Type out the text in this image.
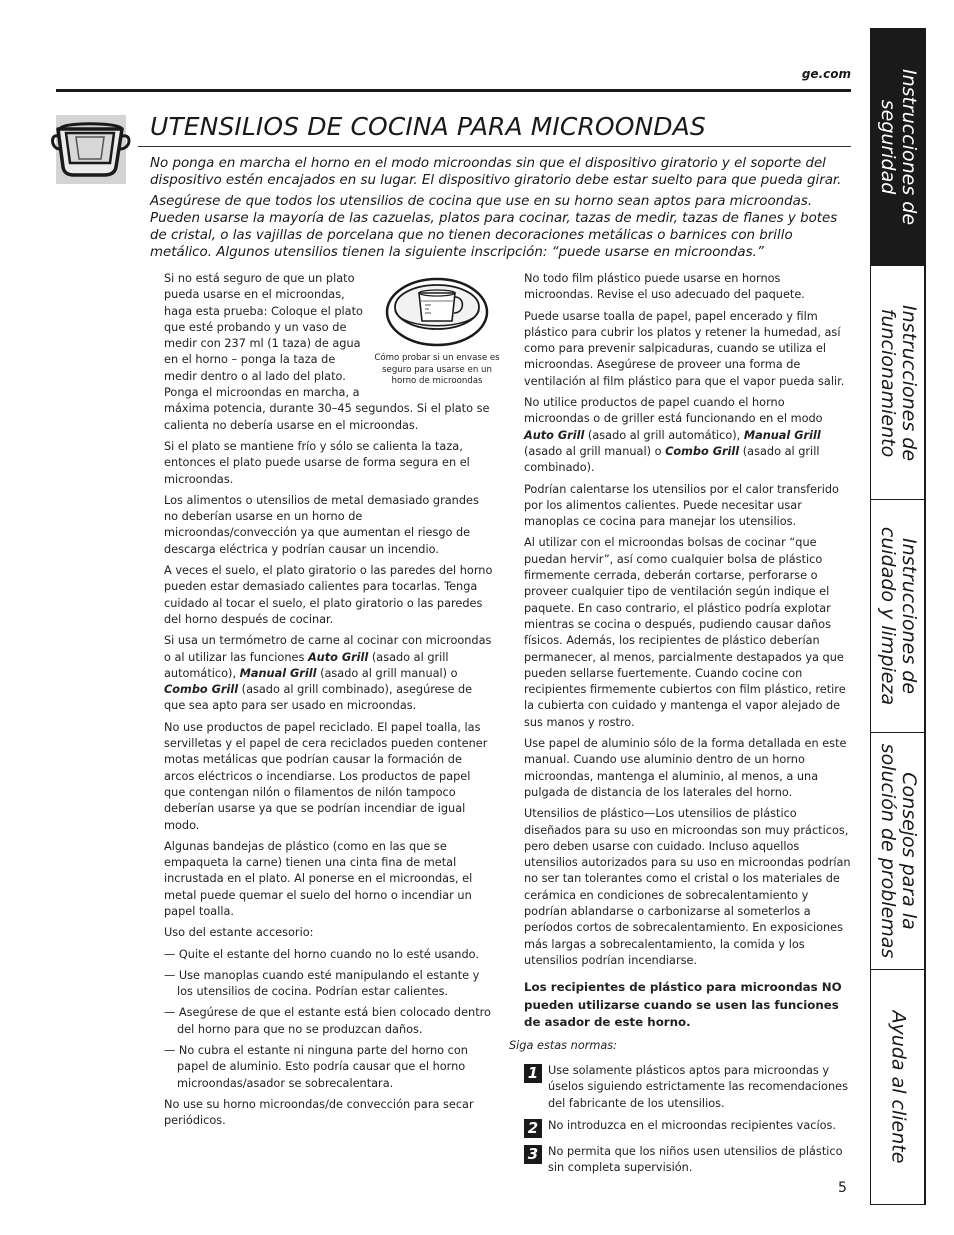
ge.com
UTENSILIOS DE COCINA PARA MICROONDAS

No ponga en marcha el horno en el modo microondas sin que el dispositivo giratorio y el soporte del dispositivo estén encajados en su lugar. El dispositivo giratorio debe estar suelto para que pueda girar.

Asegúrese de que todos los utensilios de cocina que use en su horno sean aptos para microondas. Pueden usarse la mayoría de las cazuelas, platos para cocinar, tazas de medir, tazas de flanes y botes de cristal, o las vajillas de porcelana que no tienen decoraciones metálicas o barnices con brillo metálico. Algunos utensilios tienen la siguiente inscripción: “puede usarse en microondas.”

Cómo probar si un envase es seguro para usarse en un horno de microondas

Si no está seguro de que un plato pueda usarse en el microondas, haga esta prueba: Coloque el plato que esté probando y un vaso de medir con 237 ml (1 taza) de agua en el horno – ponga la taza de medir dentro o al lado del plato. Ponga el microondas en marcha, a máxima potencia, durante 30–45 segundos. Si el plato se calienta no debería usarse en el microondas.

Si el plato se mantiene frío y sólo se calienta la taza, entonces el plato puede usarse de forma segura en el microondas.

Los alimentos o utensilios de metal demasiado grandes no deberían usarse en un horno de microondas/convección ya que aumentan el riesgo de descarga eléctrica y podrían causar un incendio.

A veces el suelo, el plato giratorio o las paredes del horno pueden estar demasiado calientes para tocarlas. Tenga cuidado al tocar el suelo, el plato giratorio o las paredes del horno después de cocinar.

Si usa un termómetro de carne al cocinar con microondas o al utilizar las funciones Auto Grill (asado al grill automático), Manual Grill (asado al grill manual) o Combo Grill (asado al grill combinado), asegúrese de que sea apto para ser usado en microondas.

No use productos de papel reciclado. El papel toalla, las servilletas y el papel de cera reciclados pueden contener motas metálicas que podrían causar la formación de arcos eléctricos o incendiarse. Los productos de papel que contengan nilón o filamentos de nilón tampoco deberían usarse ya que se podrían incendiar de igual modo.

Algunas bandejas de plástico (como en las que se empaqueta la carne) tienen una cinta fina de metal incrustada en el plato. Al ponerse en el microondas, el metal puede quemar el suelo del horno o incendiar un papel toalla.

Uso del estante accesorio:

— Quite el estante del horno cuando no lo esté usando.

— Use manoplas cuando esté manipulando el estante y los utensilios de cocina. Podrían estar calientes.

— Asegúrese de que el estante está bien colocado dentro del horno para que no se produzcan daños.

— No cubra el estante ni ninguna parte del horno con papel de aluminio. Esto podría causar que el horno microondas/asador se sobrecalentara.

No use su horno microondas/de convección para secar periódicos.

No todo film plástico puede usarse en hornos microondas. Revise el uso adecuado del paquete.

Puede usarse toalla de papel, papel encerado y film plástico para cubrir los platos y retener la humedad, así como para prevenir salpicaduras, cuando se utiliza el microondas. Asegúrese de proveer una forma de ventilación al film plástico para que el vapor pueda salir.

No utilice productos de papel cuando el horno microondas o de griller está funcionando en el modo Auto Grill (asado al grill automático), Manual Grill (asado al grill manual) o Combo Grill (asado al grill combinado).

Podrían calentarse los utensilios por el calor transferido por los alimentos calientes. Puede necesitar usar manoplas ce cocina para manejar los utensilios.

Al utilizar con el microondas bolsas de cocinar “que puedan hervir”, así como cualquier bolsa de plástico firmemente cerrada, deberán cortarse, perforarse o proveer cualquier tipo de ventilación según indique el paquete. En caso contrario, el plástico podría explotar mientras se cocina o después, pudiendo causar daños físicos. Además, los recipientes de plástico deberían permanecer, al menos, parcialmente destapados ya que pueden sellarse fuertemente. Cuando cocine con recipientes firmemente cubiertos con film plástico, retire la cubierta con cuidado y mantenga el vapor alejado de sus manos y rostro.

Use papel de aluminio sólo de la forma detallada en este manual. Cuando use aluminio dentro de un horno microondas, mantenga el aluminio, al menos, a una pulgada de distancia de los laterales del horno.

Utensilios de plástico—Los utensilios de plástico diseñados para su uso en microondas son muy prácticos, pero deben usarse con cuidado. Incluso aquellos utensilios autorizados para su uso en microondas podrían no ser tan tolerantes como el cristal o los materiales de cerámica en condiciones de sobrecalentamiento y podrían ablandarse o carbonizarse al someterlos a períodos cortos de sobrecalentamiento. En exposiciones más largas a sobrecalentamiento, la comida y los utensilios podrían incendiarse.

Los recipientes de plástico para microondas NO pueden utilizarse cuando se usen las funciones de asador de este horno.

Siga estas normas:

1 Use solamente plásticos aptos para microondas y úselos siguiendo estrictamente las recomendaciones del fabricante de los utensilios.
2 No introduzca en el microondas recipientes vacíos.
3 No permita que los niños usen utensilios de plástico sin completa supervisión.
Instrucciones de
seguridad
Instrucciones de
funcionamiento
Instrucciones de
cuidado y limpieza
Consejos para la
solución de problemas
Ayuda al cliente
5
